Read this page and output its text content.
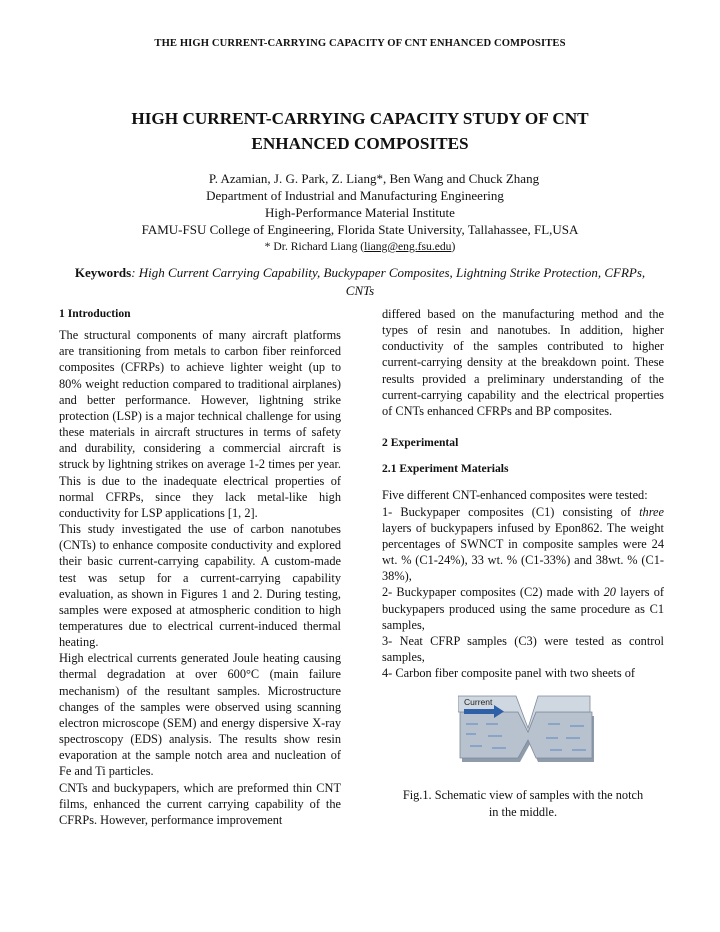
THE HIGH CURRENT-CARRYING CAPACITY OF CNT ENHANCED COMPOSITES
HIGH CURRENT-CARRYING CAPACITY STUDY OF CNT
ENHANCED COMPOSITES
P. Azamian, J. G. Park, Z. Liang*, Ben Wang and Chuck Zhang
Department of Industrial and Manufacturing Engineering
High-Performance Material Institute
FAMU-FSU College of Engineering, Florida State University, Tallahassee, FL,USA
* Dr. Richard Liang (liang@eng.fsu.edu)
Keywords: High Current Carrying Capability, Buckypaper Composites, Lightning Strike Protection, CFRPs, CNTs

1 Introduction

The structural components of many aircraft platforms are transitioning from metals to carbon fiber reinforced composites (CFRPs) to achieve lighter weight (up to 80% weight reduction compared to traditional airplanes) and better performance. However, lightning strike protection (LSP) is a major technical challenge for using these materials in aircraft structures in terms of safety and durability, considering a commercial aircraft is struck by lightning strikes on average 1-2 times per year. This is due to the inadequate electrical properties of normal CFRPs, since they lack metal-like high conductivity for LSP applications [1, 2].

This study investigated the use of carbon nanotubes (CNTs) to enhance composite conductivity and explored their basic current-carrying capability. A custom-made test was setup for a current-carrying capability evaluation, as shown in Figures 1 and 2. During testing, samples were exposed at atmospheric condition to high temperatures due to electrical current-induced thermal heating.

High electrical currents generated Joule heating causing thermal degradation at over 600°C (main failure mechanism) of the resultant samples. Microstructure changes of the samples were observed using scanning electron microscope (SEM) and energy dispersive X-ray spectroscopy (EDS) analysis. The results show resin evaporation at the sample notch area and nucleation of Fe and Ti particles.

CNTs and buckypapers, which are preformed thin CNT films, enhanced the current carrying capability of the CFRPs. However, performance improvement

differed based on the manufacturing method and the types of resin and nanotubes. In addition, higher conductivity of the samples contributed to higher current-carrying density at the breakdown point. These results provided a preliminary understanding of the current-carrying capability and the electrical properties of CNTs enhanced CFRPs and BP composites.

2 Experimental

2.1 Experiment Materials

Five different CNT-enhanced composites were tested:

1- Buckypaper composites (C1) consisting of three layers of buckypapers infused by Epon862. The weight percentages of SWNCT in composite samples were 24 wt. % (C1-24%), 33 wt. % (C1-33%) and 38wt. % (C1-38%),

2- Buckypaper composites (C2) made with 20 layers of buckypapers produced using the same procedure as C1 samples,

3- Neat CFRP samples (C3) were tested as control samples,

4- Carbon fiber composite panel with two sheets of

Current
Fig.1. Schematic view of samples with the notch
in the middle.
